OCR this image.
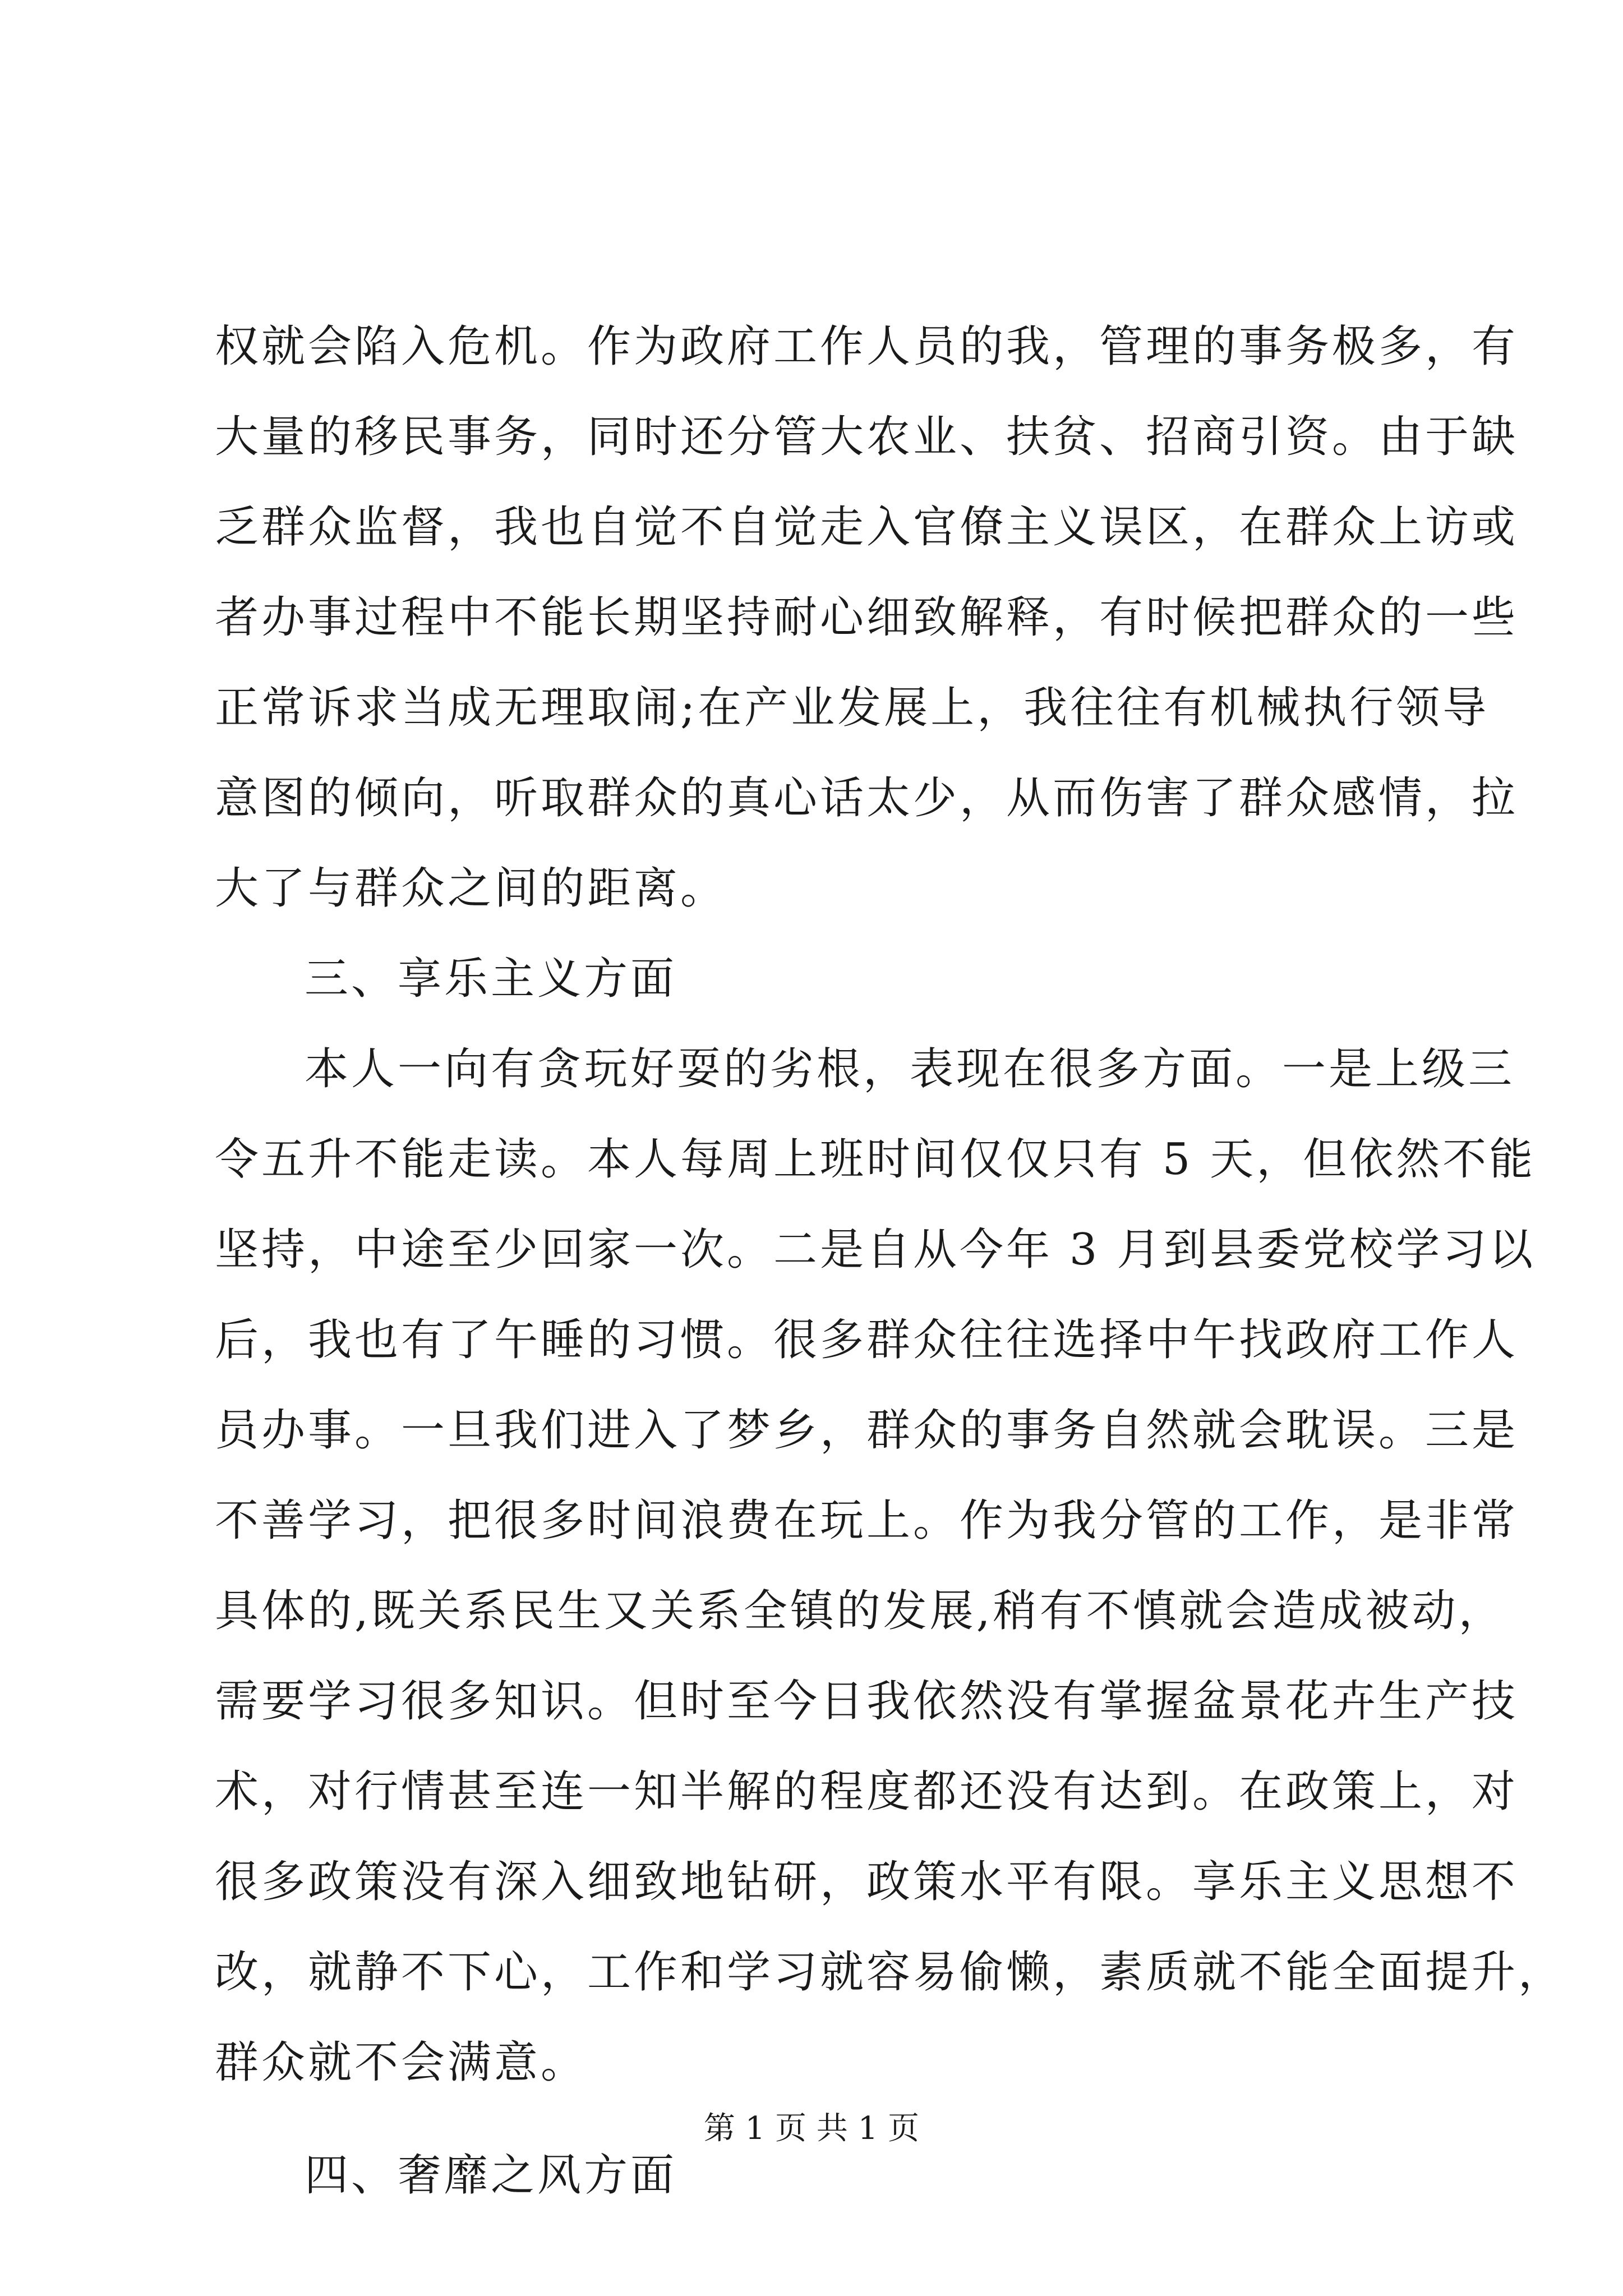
权就会陷入危机。作为政府工作人员的我，管理的事务极多，有
大量的移民事务，同时还分管大农业、扶贫、招商引资。由于缺
乏群众监督，我也自觉不自觉走入官僚主义误区，在群众上访或
者办事过程中不能长期坚持耐心细致解释，有时候把群众的一些
正常诉求当成无理取闹;在产业发展上，我往往有机械执行领导
意图的倾向，听取群众的真心话太少，从而伤害了群众感情，拉
大了与群众之间的距离。
三、享乐主义方面
本人一向有贪玩好耍的劣根，表现在很多方面。一是上级三
令五升不能走读。本人每周上班时间仅仅只有 5 天，但依然不能
坚持，中途至少回家一次。二是自从今年 3 月到县委党校学习以
后，我也有了午睡的习惯。很多群众往往选择中午找政府工作人
员办事。一旦我们进入了梦乡，群众的事务自然就会耽误。三是
不善学习，把很多时间浪费在玩上。作为我分管的工作，是非常
具体的,既关系民生又关系全镇的发展,稍有不慎就会造成被动，
需要学习很多知识。但时至今日我依然没有掌握盆景花卉生产技
术，对行情甚至连一知半解的程度都还没有达到。在政策上，对
很多政策没有深入细致地钻研，政策水平有限。享乐主义思想不
改，就静不下心，工作和学习就容易偷懒，素质就不能全面提升，
群众就不会满意。
四、奢靡之风方面
第 1 页 共 1 页
